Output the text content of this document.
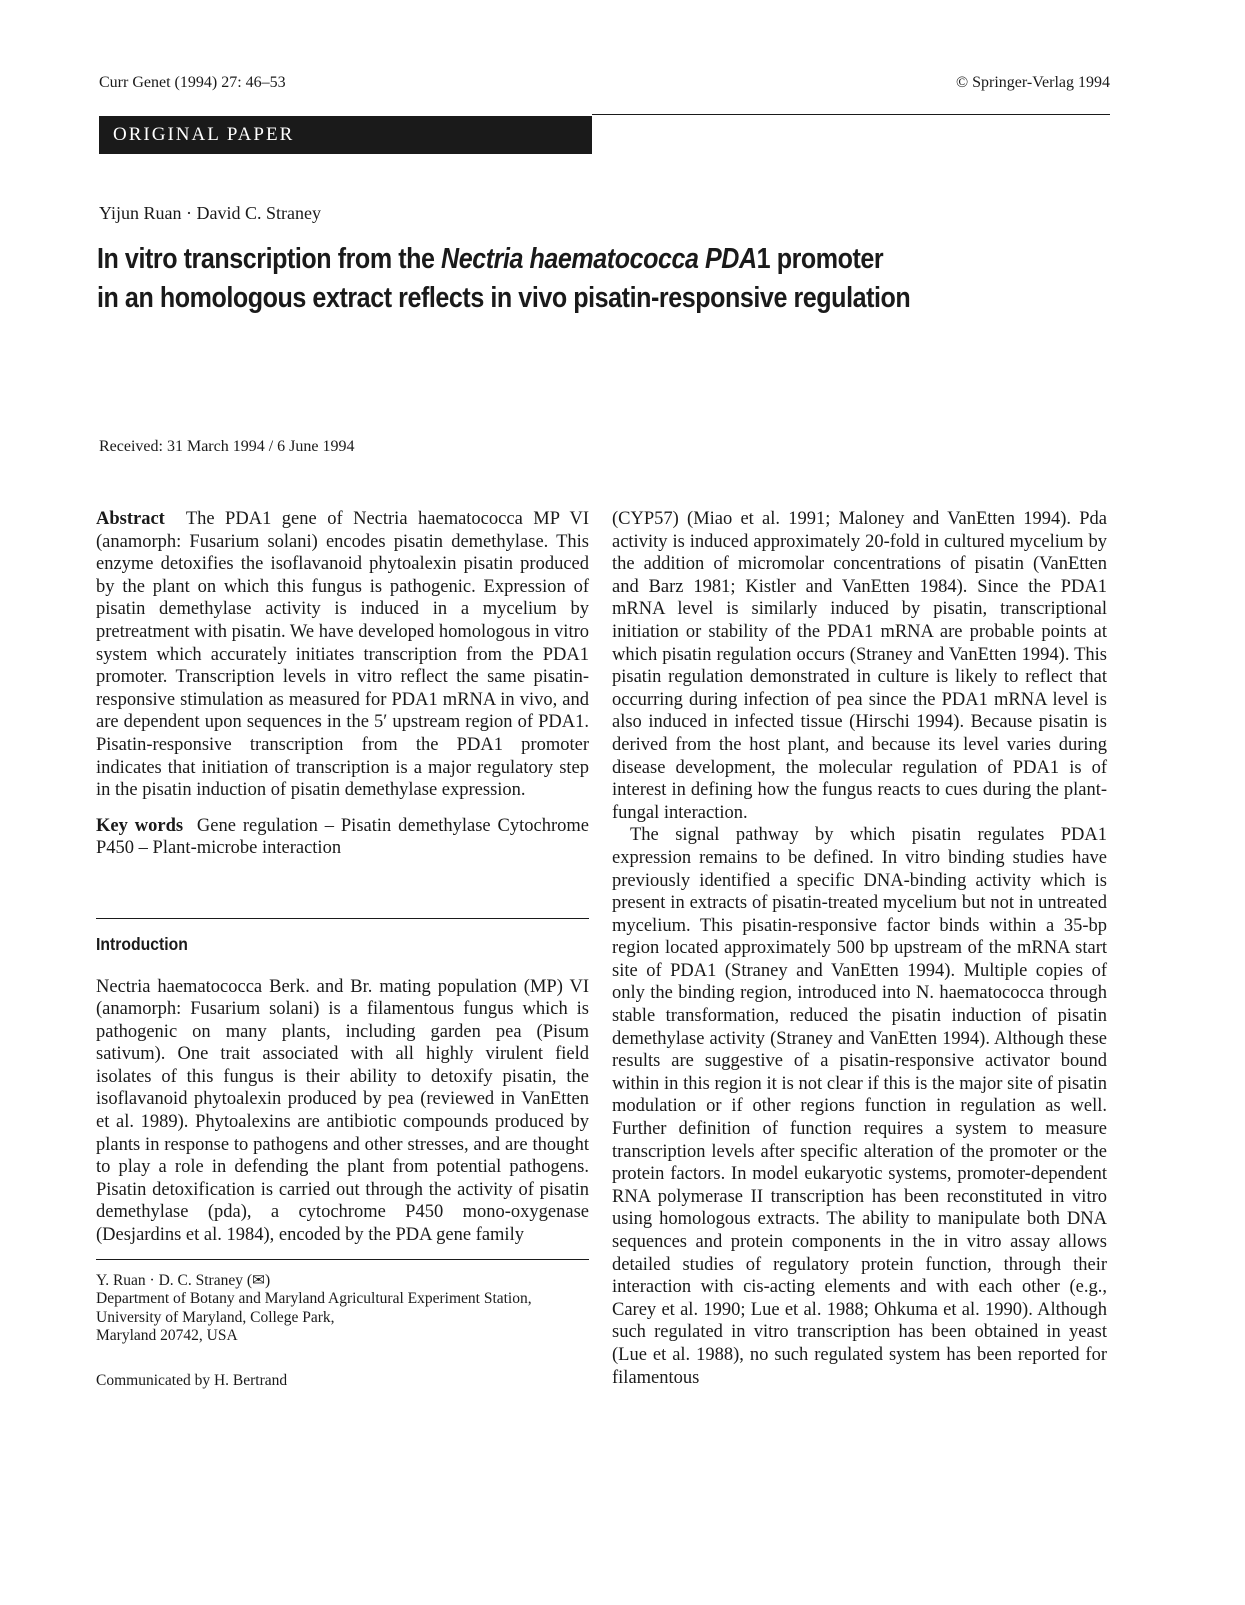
Curr Genet (1994) 27: 46–53	© Springer-Verlag 1994
ORIGINAL PAPER
Yijun Ruan · David C. Straney
In vitro transcription from the Nectria haematococca PDA1 promoter
in an homologous extract reflects in vivo pisatin-responsive regulation
Received: 31 March 1994 / 6 June 1994

Abstract The PDA1 gene of Nectria haematococca MP VI (anamorph: Fusarium solani) encodes pisatin demethylase. This enzyme detoxifies the isoflavanoid phytoalexin pisatin produced by the plant on which this fungus is pathogenic. Expression of pisatin demethylase activity is induced in a mycelium by pretreatment with pisatin. We have developed homologous in vitro system which accurately initiates transcription from the PDA1 promoter. Transcription levels in vitro reflect the same pisatin-responsive stimulation as measured for PDA1 mRNA in vivo, and are dependent upon sequences in the 5′ upstream region of PDA1. Pisatin-responsive transcription from the PDA1 promoter indicates that initiation of transcription is a major regulatory step in the pisatin induction of pisatin demethylase expression.

Key words Gene regulation – Pisatin demethylase Cytochrome P450 – Plant-microbe interaction

Introduction

Nectria haematococca Berk. and Br. mating population (MP) VI (anamorph: Fusarium solani) is a filamentous fungus which is pathogenic on many plants, including garden pea (Pisum sativum). One trait associated with all highly virulent field isolates of this fungus is their ability to detoxify pisatin, the isoflavanoid phytoalexin produced by pea (reviewed in VanEtten et al. 1989). Phytoalexins are antibiotic compounds produced by plants in response to pathogens and other stresses, and are thought to play a role in defending the plant from potential pathogens. Pisatin detoxification is carried out through the activity of pisatin demethylase (pda), a cytochrome P450 mono-oxygenase (Desjardins et al. 1984), encoded by the PDA gene family

Y. Ruan · D. C. Straney (✉)
Department of Botany and Maryland Agricultural Experiment Station,
University of Maryland, College Park,
Maryland 20742, USA
Communicated by H. Bertrand

(CYP57) (Miao et al. 1991; Maloney and VanEtten 1994). Pda activity is induced approximately 20-fold in cultured mycelium by the addition of micromolar concentrations of pisatin (VanEtten and Barz 1981; Kistler and VanEtten 1984). Since the PDA1 mRNA level is similarly induced by pisatin, transcriptional initiation or stability of the PDA1 mRNA are probable points at which pisatin regulation occurs (Straney and VanEtten 1994). This pisatin regulation demonstrated in culture is likely to reflect that occurring during infection of pea since the PDA1 mRNA level is also induced in infected tissue (Hirschi 1994). Because pisatin is derived from the host plant, and because its level varies during disease development, the molecular regulation of PDA1 is of interest in defining how the fungus reacts to cues during the plant-fungal interaction.

The signal pathway by which pisatin regulates PDA1 expression remains to be defined. In vitro binding studies have previously identified a specific DNA-binding activity which is present in extracts of pisatin-treated mycelium but not in untreated mycelium. This pisatin-responsive factor binds within a 35-bp region located approximately 500 bp upstream of the mRNA start site of PDA1 (Straney and VanEtten 1994). Multiple copies of only the binding region, introduced into N. haematococca through stable transformation, reduced the pisatin induction of pisatin demethylase activity (Straney and VanEtten 1994). Although these results are suggestive of a pisatin-responsive activator bound within in this region it is not clear if this is the major site of pisatin modulation or if other regions function in regulation as well. Further definition of function requires a system to measure transcription levels after specific alteration of the promoter or the protein factors. In model eukaryotic systems, promoter-dependent RNA polymerase II transcription has been reconstituted in vitro using homologous extracts. The ability to manipulate both DNA sequences and protein components in the in vitro assay allows detailed studies of regulatory protein function, through their interaction with cis-acting elements and with each other (e.g., Carey et al. 1990; Lue et al. 1988; Ohkuma et al. 1990). Although such regulated in vitro transcription has been obtained in yeast (Lue et al. 1988), no such regulated system has been reported for filamentous
